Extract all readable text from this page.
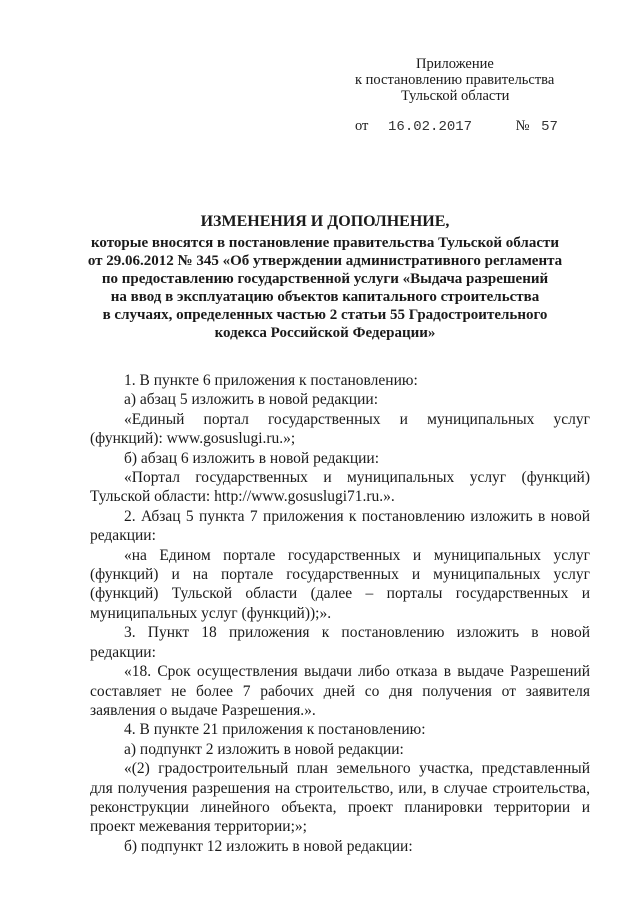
Приложение
к постановлению правительства
Тульской области
от 16.02.2017	№ 57
ИЗМЕНЕНИЯ И ДОПОЛНЕНИЕ,
которые вносятся в постановление правительства Тульской области
от 29.06.2012 № 345 «Об утверждении административного регламента
по предоставлению государственной услуги «Выдача разрешений
на ввод в эксплуатацию объектов капитального строительства
в случаях, определенных частью 2 статьи 55 Градостроительного
кодекса Российской Федерации»

1. В пункте 6 приложения к постановлению:

а) абзац 5 изложить в новой редакции:

«Единый портал государственных и муниципальных услуг (функций): www.gosuslugi.ru.»;

б) абзац 6 изложить в новой редакции:

«Портал государственных и муниципальных услуг (функций) Тульской области: http://www.gosuslugi71.ru.».

2. Абзац 5 пункта 7 приложения к постановлению изложить в новой редакции:

«на Едином портале государственных и муниципальных услуг (функций) и на портале государственных и муниципальных услуг (функций) Тульской области (далее – порталы государственных и муниципальных услуг (функций));».

3. Пункт 18 приложения к постановлению изложить в новой редакции:

«18. Срок осуществления выдачи либо отказа в выдаче Разрешений составляет не более 7 рабочих дней со дня получения от заявителя заявления о выдаче Разрешения.».

4. В пункте 21 приложения к постановлению:

а) подпункт 2 изложить в новой редакции:

«(2) градостроительный план земельного участка, представленный для получения разрешения на строительство, или, в случае строительства, реконструкции линейного объекта, проект планировки территории и проект межевания территории;»;

б) подпункт 12 изложить в новой редакции:
